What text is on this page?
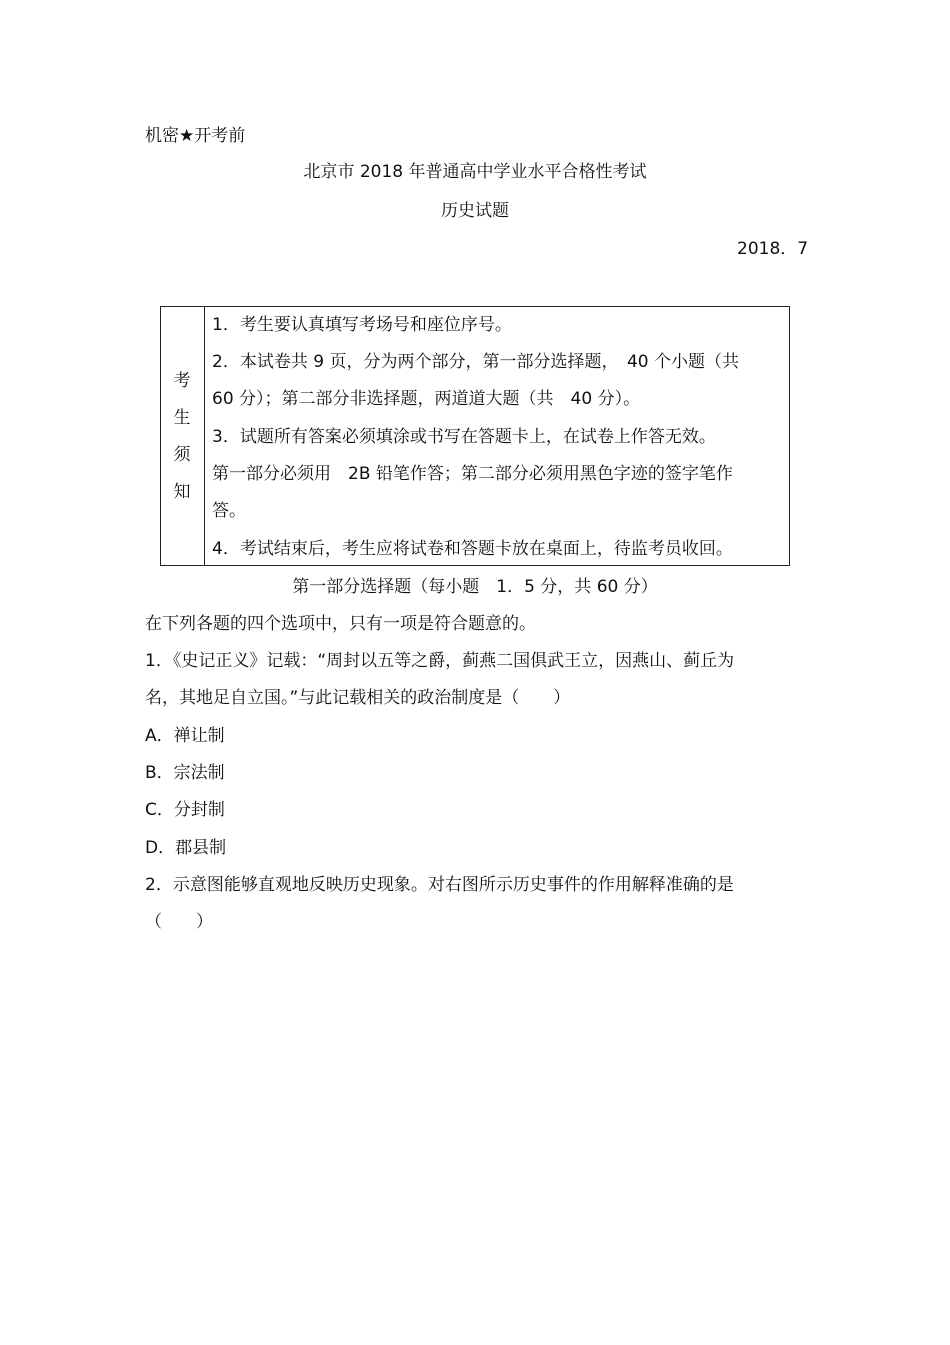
机密★开考前
北京市 2018 年普通高中学业水平合格性考试
历史试题
2018．7
考
生
须
知
1．考生要认真填写考场号和座位序号。
2．本试卷共 9 页，分为两个部分，第一部分选择题，　40 个小题（共
60 分）；第二部分非选择题，两道道大题（共　40 分）。
3．试题所有答案必须填涂或书写在答题卡上，在试卷上作答无效。
第一部分必须用　2B 铅笔作答；第二部分必须用黑色字迹的签字笔作
答。
4．考试结束后，考生应将试卷和答题卡放在桌面上，待监考员收回。
第一部分选择题（每小题　1．5 分，共 60 分）
在下列各题的四个选项中，只有一项是符合题意的。
1．《史记正义》记载：“周封以五等之爵，蓟燕二国俱武王立，因燕山、蓟丘为
名，其地足自立国。”与此记载相关的政治制度是（　　）
A．禅让制
B．宗法制
C．分封制
D．郡县制
2．示意图能够直观地反映历史现象。对右图所示历史事件的作用解释准确的是
（　　）
